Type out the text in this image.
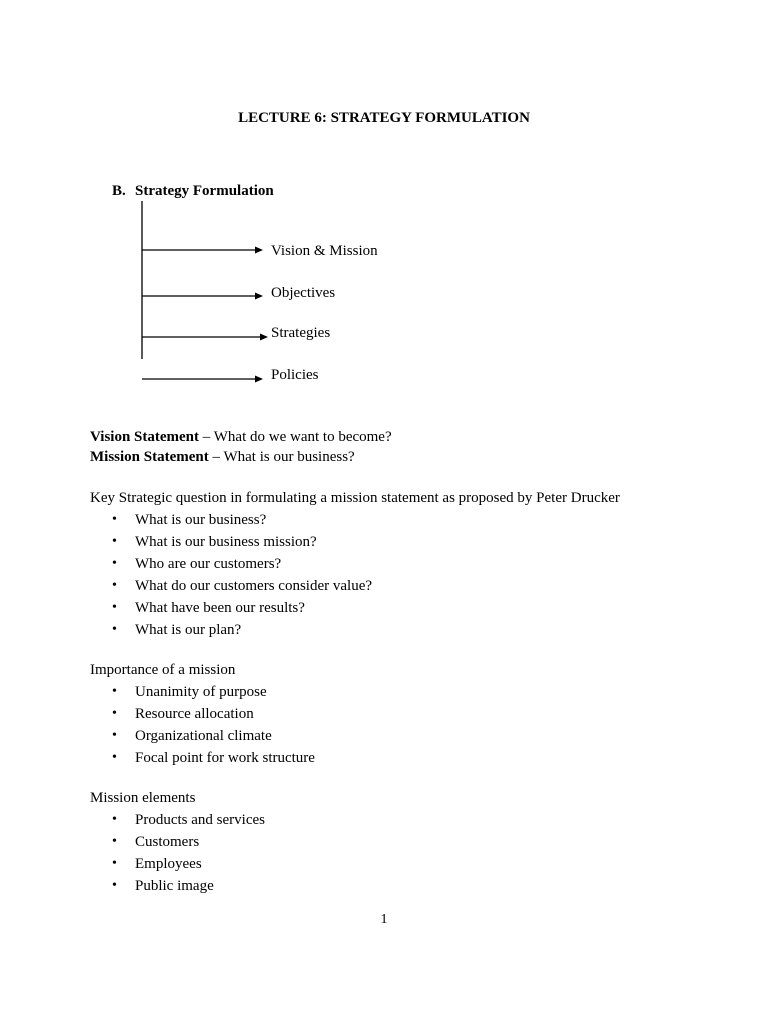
LECTURE 6: STRATEGY FORMULATION
B. Strategy Formulation
Vision & Mission
Objectives
Strategies
Policies
Vision Statement – What do we want to become?
Mission Statement – What is our business?
Key Strategic question in formulating a mission statement as proposed by Peter Drucker
• What is our business?
• What is our business mission?
• Who are our customers?
• What do our customers consider value?
• What have been our results?
• What is our plan?
Importance of a mission
• Unanimity of purpose
• Resource allocation
• Organizational climate
• Focal point for work structure
Mission elements
• Products and services
• Customers
• Employees
• Public image
1
